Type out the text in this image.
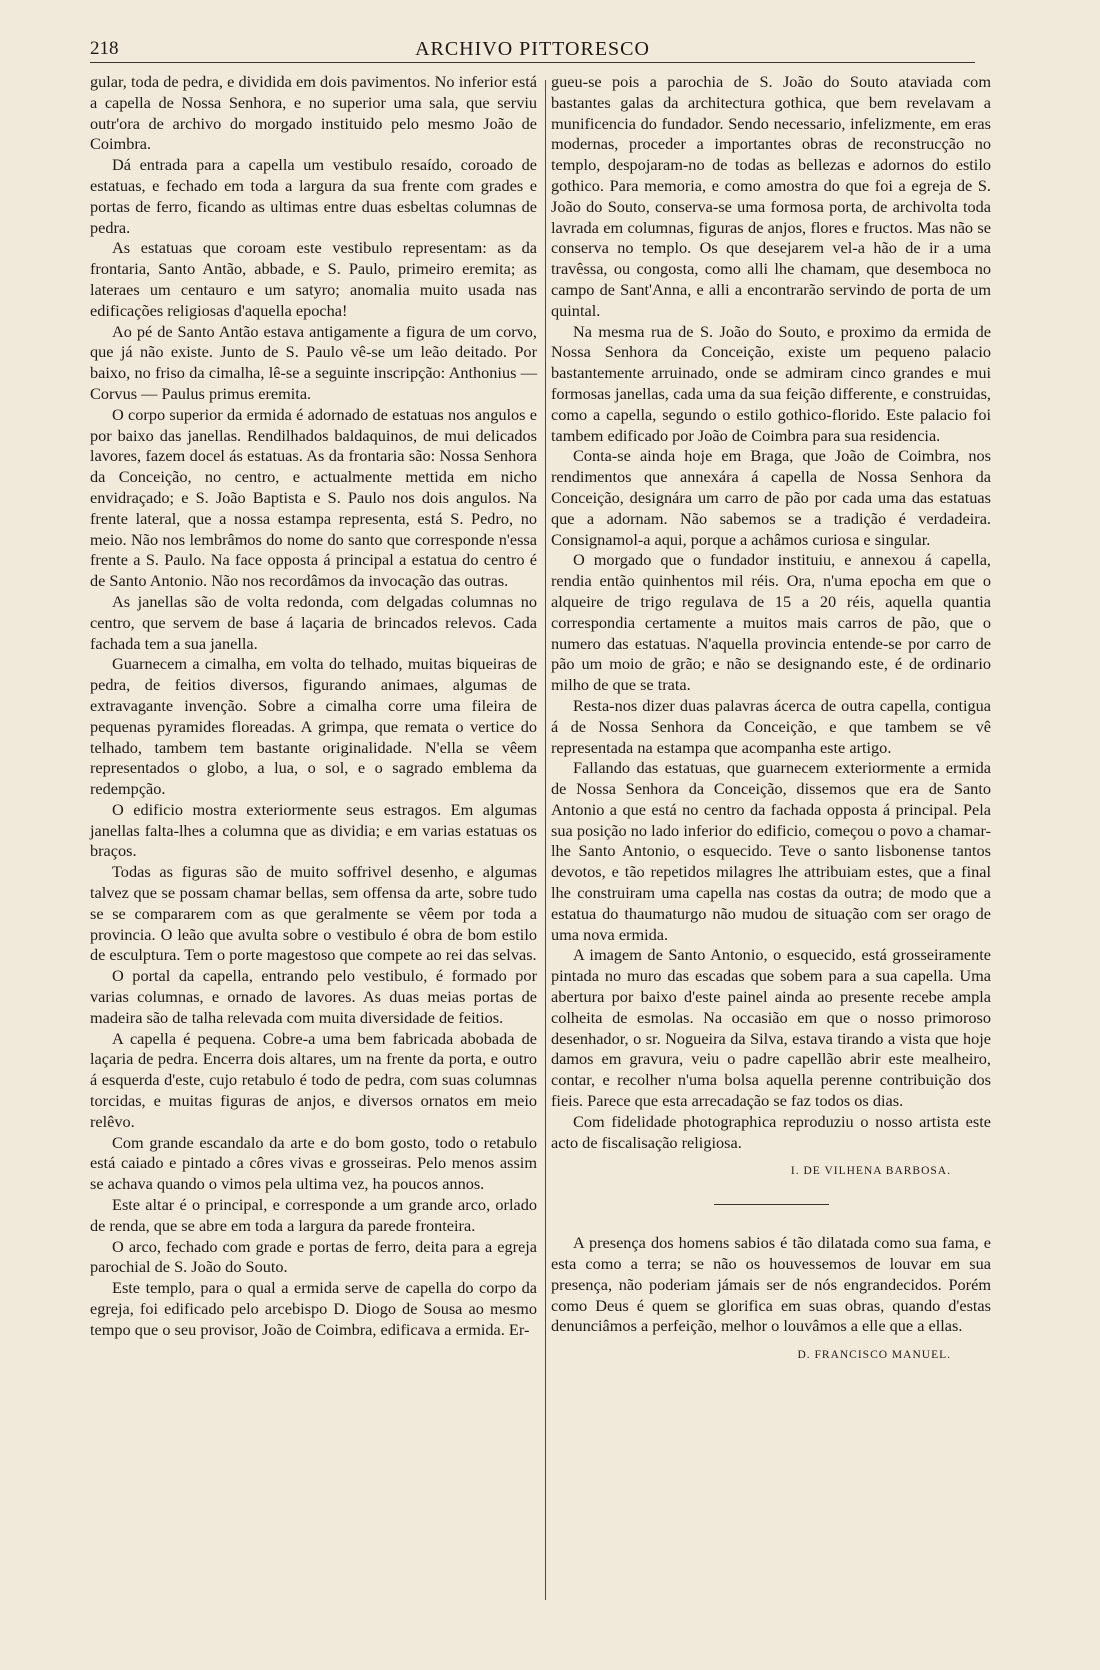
218	ARCHIVO PITTORESCO

gular, toda de pedra, e dividida em dois pavimentos. No inferior está a capella de Nossa Senhora, e no superior uma sala, que serviu outr'ora de archivo do morgado instituido pelo mesmo João de Coimbra.

Dá entrada para a capella um vestibulo resaído, coroado de estatuas, e fechado em toda a largura da sua frente com grades e portas de ferro, ficando as ultimas entre duas esbeltas columnas de pedra.

As estatuas que coroam este vestibulo representam: as da frontaria, Santo Antão, abbade, e S. Paulo, primeiro eremita; as lateraes um centauro e um satyro; anomalia muito usada nas edificações religiosas d'aquella epocha!

Ao pé de Santo Antão estava antigamente a figura de um corvo, que já não existe. Junto de S. Paulo vê-se um leão deitado. Por baixo, no friso da cimalha, lê-se a seguinte inscripção: Anthonius — Corvus — Paulus primus eremita.

O corpo superior da ermida é adornado de estatuas nos angulos e por baixo das janellas. Rendilhados baldaquinos, de mui delicados lavores, fazem docel ás estatuas. As da frontaria são: Nossa Senhora da Conceição, no centro, e actualmente mettida em nicho envidraçado; e S. João Baptista e S. Paulo nos dois angulos. Na frente lateral, que a nossa estampa representa, está S. Pedro, no meio. Não nos lembrâmos do nome do santo que corresponde n'essa frente a S. Paulo. Na face opposta á principal a estatua do centro é de Santo Antonio. Não nos recordâmos da invocação das outras.

As janellas são de volta redonda, com delgadas columnas no centro, que servem de base á laçaria de brincados relevos. Cada fachada tem a sua janella.

Guarnecem a cimalha, em volta do telhado, muitas biqueiras de pedra, de feitios diversos, figurando animaes, algumas de extravagante invenção. Sobre a cimalha corre uma fileira de pequenas pyramides floreadas. A grimpa, que remata o vertice do telhado, tambem tem bastante originalidade. N'ella se vêem representados o globo, a lua, o sol, e o sagrado emblema da redempção.

O edificio mostra exteriormente seus estragos. Em algumas janellas falta-lhes a columna que as dividia; e em varias estatuas os braços.

Todas as figuras são de muito soffrivel desenho, e algumas talvez que se possam chamar bellas, sem offensa da arte, sobre tudo se se compararem com as que geralmente se vêem por toda a provincia. O leão que avulta sobre o vestibulo é obra de bom estilo de esculptura. Tem o porte magestoso que compete ao rei das selvas.

O portal da capella, entrando pelo vestibulo, é formado por varias columnas, e ornado de lavores. As duas meias portas de madeira são de talha relevada com muita diversidade de feitios.

A capella é pequena. Cobre-a uma bem fabricada abobada de laçaria de pedra. Encerra dois altares, um na frente da porta, e outro á esquerda d'este, cujo retabulo é todo de pedra, com suas columnas torcidas, e muitas figuras de anjos, e diversos ornatos em meio relêvo.

Com grande escandalo da arte e do bom gosto, todo o retabulo está caiado e pintado a côres vivas e grosseiras. Pelo menos assim se achava quando o vimos pela ultima vez, ha poucos annos.

Este altar é o principal, e corresponde a um grande arco, orlado de renda, que se abre em toda a largura da parede fronteira.

O arco, fechado com grade e portas de ferro, deita para a egreja parochial de S. João do Souto.

Este templo, para o qual a ermida serve de capella do corpo da egreja, foi edificado pelo arcebispo D. Diogo de Sousa ao mesmo tempo que o seu provisor, João de Coimbra, edificava a ermida. Er-

gueu-se pois a parochia de S. João do Souto ataviada com bastantes galas da architectura gothica, que bem revelavam a munificencia do fundador. Sendo necessario, infelizmente, em eras modernas, proceder a importantes obras de reconstrucção no templo, despojaram-no de todas as bellezas e adornos do estilo gothico. Para memoria, e como amostra do que foi a egreja de S. João do Souto, conserva-se uma formosa porta, de archivolta toda lavrada em columnas, figuras de anjos, flores e fructos. Mas não se conserva no templo. Os que desejarem vel-a hão de ir a uma travêssa, ou congosta, como alli lhe chamam, que desemboca no campo de Sant'Anna, e alli a encontrarão servindo de porta de um quintal.

Na mesma rua de S. João do Souto, e proximo da ermida de Nossa Senhora da Conceição, existe um pequeno palacio bastantemente arruinado, onde se admiram cinco grandes e mui formosas janellas, cada uma da sua feição differente, e construidas, como a capella, segundo o estilo gothico-florido. Este palacio foi tambem edificado por João de Coimbra para sua residencia.

Conta-se ainda hoje em Braga, que João de Coimbra, nos rendimentos que annexára á capella de Nossa Senhora da Conceição, designára um carro de pão por cada uma das estatuas que a adornam. Não sabemos se a tradição é verdadeira. Consignamol-a aqui, porque a achâmos curiosa e singular.

O morgado que o fundador instituiu, e annexou á capella, rendia então quinhentos mil réis. Ora, n'uma epocha em que o alqueire de trigo regulava de 15 a 20 réis, aquella quantia correspondia certamente a muitos mais carros de pão, que o numero das estatuas. N'aquella provincia entende-se por carro de pão um moio de grão; e não se designando este, é de ordinario milho de que se trata.

Resta-nos dizer duas palavras ácerca de outra capella, contigua á de Nossa Senhora da Conceição, e que tambem se vê representada na estampa que acompanha este artigo.

Fallando das estatuas, que guarnecem exteriormente a ermida de Nossa Senhora da Conceição, dissemos que era de Santo Antonio a que está no centro da fachada opposta á principal. Pela sua posição no lado inferior do edificio, começou o povo a chamar-lhe Santo Antonio, o esquecido. Teve o santo lisbonense tantos devotos, e tão repetidos milagres lhe attribuiam estes, que a final lhe construiram uma capella nas costas da outra; de modo que a estatua do thaumaturgo não mudou de situação com ser orago de uma nova ermida.

A imagem de Santo Antonio, o esquecido, está grosseiramente pintada no muro das escadas que sobem para a sua capella. Uma abertura por baixo d'este painel ainda ao presente recebe ampla colheita de esmolas. Na occasião em que o nosso primoroso desenhador, o sr. Nogueira da Silva, estava tirando a vista que hoje damos em gravura, veiu o padre capellão abrir este mealheiro, contar, e recolher n'uma bolsa aquella perenne contribuição dos fieis. Parece que esta arrecadação se faz todos os dias.

Com fidelidade photographica reproduziu o nosso artista este acto de fiscalisação religiosa.

I. DE VILHENA BARBOSA.

A presença dos homens sabios é tão dilatada como sua fama, e esta como a terra; se não os houvessemos de louvar em sua presença, não poderiam jámais ser de nós engrandecidos. Porém como Deus é quem se glorifica em suas obras, quando d'estas denunciâmos a perfeição, melhor o louvâmos a elle que a ellas.

D. FRANCISCO MANUEL.
